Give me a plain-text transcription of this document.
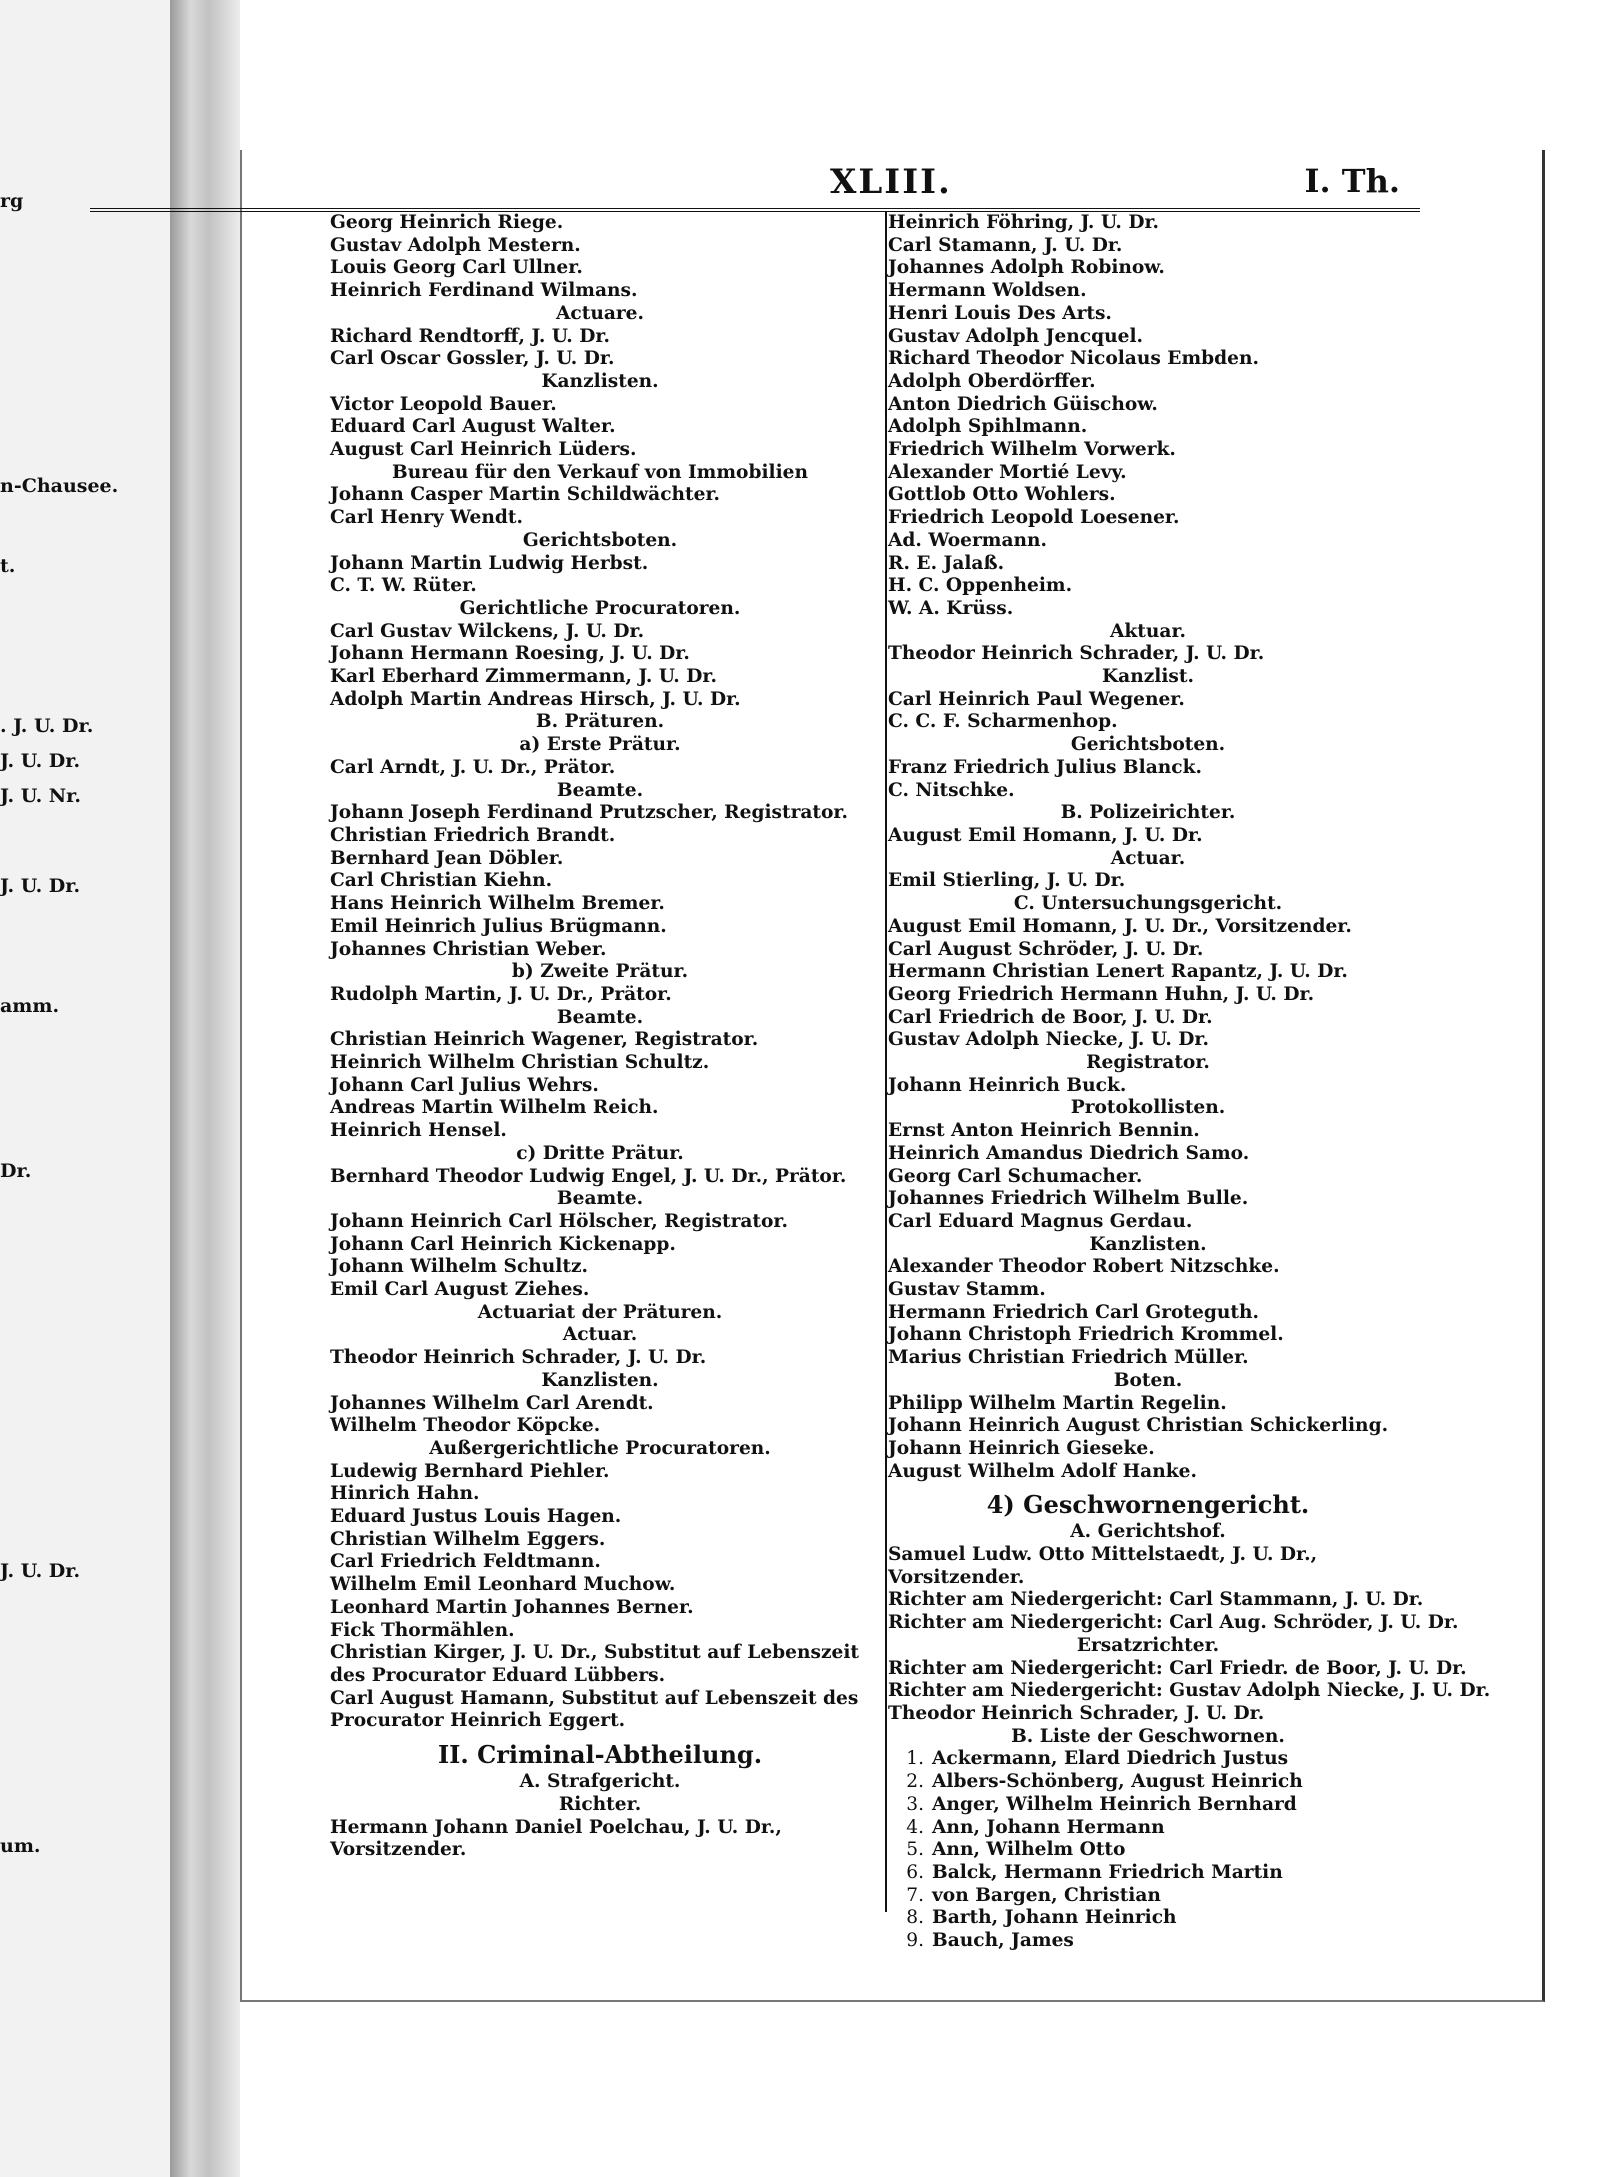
rg
n-Chausee.
t.
. J. U. Dr.
J. U. Dr.
J. U. Nr.
J. U. Dr.
amm.
Dr.
J. U. Dr.
um.
XLIII.	I. Th.
Georg Heinrich Riege.
Gustav Adolph Mestern.
Louis Georg Carl Ullner.
Heinrich Ferdinand Wilmans.
Actuare.
Richard Rendtorff, J. U. Dr.
Carl Oscar Gossler, J. U. Dr.
Kanzlisten.
Victor Leopold Bauer.
Eduard Carl August Walter.
August Carl Heinrich Lüders.
Bureau für den Verkauf von Immobilien
Johann Casper Martin Schildwächter.
Carl Henry Wendt.
Gerichtsboten.
Johann Martin Ludwig Herbst.
C. T. W. Rüter.
Gerichtliche Procuratoren.
Carl Gustav Wilckens, J. U. Dr.
Johann Hermann Roesing, J. U. Dr.
Karl Eberhard Zimmermann, J. U. Dr.
Adolph Martin Andreas Hirsch, J. U. Dr.
B. Präturen.
a) Erste Prätur.
Carl Arndt, J. U. Dr., Prätor.
Beamte.
Johann Joseph Ferdinand Prutzscher, Registrator.
Christian Friedrich Brandt.
Bernhard Jean Döbler.
Carl Christian Kiehn.
Hans Heinrich Wilhelm Bremer.
Emil Heinrich Julius Brügmann.
Johannes Christian Weber.
b) Zweite Prätur.
Rudolph Martin, J. U. Dr., Prätor.
Beamte.
Christian Heinrich Wagener, Registrator.
Heinrich Wilhelm Christian Schultz.
Johann Carl Julius Wehrs.
Andreas Martin Wilhelm Reich.
Heinrich Hensel.
c) Dritte Prätur.
Bernhard Theodor Ludwig Engel, J. U. Dr., Prätor.
Beamte.
Johann Heinrich Carl Hölscher, Registrator.
Johann Carl Heinrich Kickenapp.
Johann Wilhelm Schultz.
Emil Carl August Ziehes.
Actuariat der Präturen.
Actuar.
Theodor Heinrich Schrader, J. U. Dr.
Kanzlisten.
Johannes Wilhelm Carl Arendt.
Wilhelm Theodor Köpcke.
Außergerichtliche Procuratoren.
Ludewig Bernhard Piehler.
Hinrich Hahn.
Eduard Justus Louis Hagen.
Christian Wilhelm Eggers.
Carl Friedrich Feldtmann.
Wilhelm Emil Leonhard Muchow.
Leonhard Martin Johannes Berner.
Fick Thormählen.
Christian Kirger, J. U. Dr., Substitut auf Lebenszeit des Procurator Eduard Lübbers.
Carl August Hamann, Substitut auf Lebenszeit des Procurator Heinrich Eggert.
II. Criminal-Abtheilung.
A. Strafgericht.
Richter.
Hermann Johann Daniel Poelchau, J. U. Dr., Vorsitzender.
Heinrich Föhring, J. U. Dr.
Carl Stamann, J. U. Dr.
Johannes Adolph Robinow.
Hermann Woldsen.
Henri Louis Des Arts.
Gustav Adolph Jencquel.
Richard Theodor Nicolaus Embden.
Adolph Oberdörffer.
Anton Diedrich Güischow.
Adolph Spihlmann.
Friedrich Wilhelm Vorwerk.
Alexander Mortié Levy.
Gottlob Otto Wohlers.
Friedrich Leopold Loesener.
Ad. Woermann.
R. E. Jalaß.
H. C. Oppenheim.
W. A. Krüss.
Aktuar.
Theodor Heinrich Schrader, J. U. Dr.
Kanzlist.
Carl Heinrich Paul Wegener.
C. C. F. Scharmenhop.
Gerichtsboten.
Franz Friedrich Julius Blanck.
C. Nitschke.
B. Polizeirichter.
August Emil Homann, J. U. Dr.
Actuar.
Emil Stierling, J. U. Dr.
C. Untersuchungsgericht.
August Emil Homann, J. U. Dr., Vorsitzender.
Carl August Schröder, J. U. Dr.
Hermann Christian Lenert Rapantz, J. U. Dr.
Georg Friedrich Hermann Huhn, J. U. Dr.
Carl Friedrich de Boor, J. U. Dr.
Gustav Adolph Niecke, J. U. Dr.
Registrator.
Johann Heinrich Buck.
Protokollisten.
Ernst Anton Heinrich Bennin.
Heinrich Amandus Diedrich Samo.
Georg Carl Schumacher.
Johannes Friedrich Wilhelm Bulle.
Carl Eduard Magnus Gerdau.
Kanzlisten.
Alexander Theodor Robert Nitzschke.
Gustav Stamm.
Hermann Friedrich Carl Groteguth.
Johann Christoph Friedrich Krommel.
Marius Christian Friedrich Müller.
Boten.
Philipp Wilhelm Martin Regelin.
Johann Heinrich August Christian Schickerling.
Johann Heinrich Gieseke.
August Wilhelm Adolf Hanke.
4) Geschwornengericht.
A. Gerichtshof.
Samuel Ludw. Otto Mittelstaedt, J. U. Dr., Vorsitzender.
Richter am Niedergericht: Carl Stammann, J. U. Dr.
Richter am Niedergericht: Carl Aug. Schröder, J. U. Dr.
Ersatzrichter.
Richter am Niedergericht: Carl Friedr. de Boor, J. U. Dr.
Richter am Niedergericht: Gustav Adolph Niecke, J. U. Dr.
Theodor Heinrich Schrader, J. U. Dr.
B. Liste der Geschwornen.
1. Ackermann, Elard Diedrich Justus
2. Albers-Schönberg, August Heinrich
3. Anger, Wilhelm Heinrich Bernhard
4. Ann, Johann Hermann
5. Ann, Wilhelm Otto
6. Balck, Hermann Friedrich Martin
7. von Bargen, Christian
8. Barth, Johann Heinrich
9. Bauch, James
